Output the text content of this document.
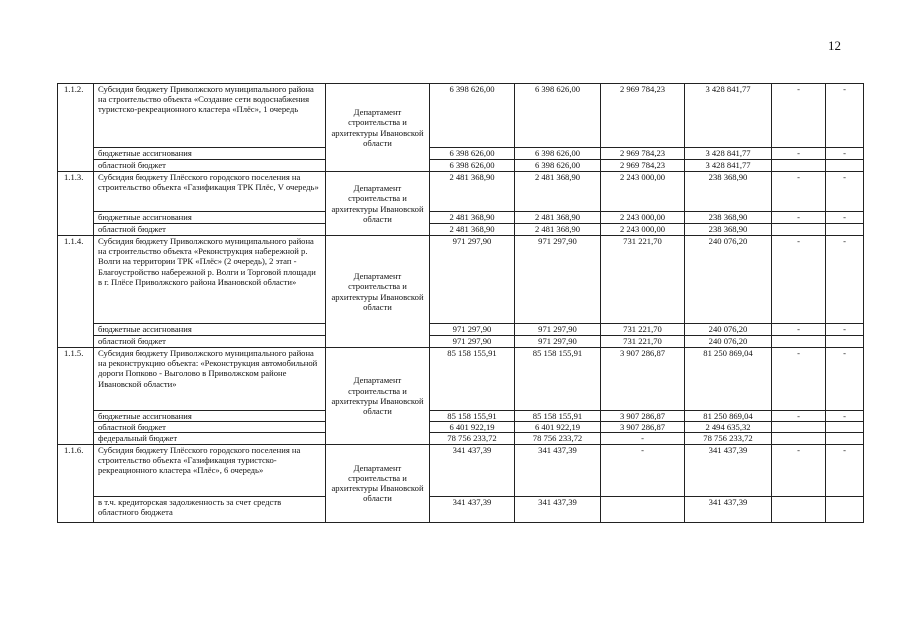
12
1.1.2.	Субсидия бюджету Приволжского муниципального района на строительство объекта «Создание сети водоснабжения туристско-рекреационного кластера «Плёс», 1 очередь	Департамент строительства и архитектуры Ивановской области	6 398 626,00	6 398 626,00	2 969 784,23	3 428 841,77	-	-
	бюджетные ассигнования		6 398 626,00	6 398 626,00	2 969 784,23	3 428 841,77	-	-
	областной бюджет		6 398 626,00	6 398 626,00	2 969 784,23	3 428 841,77		
1.1.3.	Субсидия бюджету Плёсского городского поселения на строительство объекта «Газификация ТРК Плёс, V очередь»	Департамент строительства и архитектуры Ивановской области	2 481 368,90	2 481 368,90	2 243 000,00	238 368,90	-	-
	бюджетные ассигнования		2 481 368,90	2 481 368,90	2 243 000,00	238 368,90	-	-
	областной бюджет		2 481 368,90	2 481 368,90	2 243 000,00	238 368,90		
1.1.4.	Субсидия бюджету Приволжского муниципального района на строительство объекта «Реконструкция набережной р. Волги на территории ТРК «Плёс» (2 очередь), 2 этап - Благоустройство набережной р. Волги и Торговой площади в г. Плёсе Приволжского района Ивановской области»	Департамент строительства и архитектуры Ивановской области	971 297,90	971 297,90	731 221,70	240 076,20	-	-
	бюджетные ассигнования		971 297,90	971 297,90	731 221,70	240 076,20	-	-
	областной бюджет		971 297,90	971 297,90	731 221,70	240 076,20		
1.1.5.	Субсидия бюджету Приволжского муниципального района на реконструкцию объекта: «Реконструкция автомобильной дороги Попково - Выголово в Приволжском районе Ивановской области»	Департамент строительства и архитектуры Ивановской области	85 158 155,91	85 158 155,91	3 907 286,87	81 250 869,04	-	-
	бюджетные ассигнования		85 158 155,91	85 158 155,91	3 907 286,87	81 250 869,04	-	-
	областной бюджет		6 401 922,19	6 401 922,19	3 907 286,87	2 494 635,32		
	федеральный бюджет		78 756 233,72	78 756 233,72	-	78 756 233,72		
1.1.6.	Субсидия бюджету Плёсского городского поселения на строительство объекта «Газификация туристско-рекреационного кластера «Плёс», 6 очередь»	Департамент строительства и архитектуры Ивановской области	341 437,39	341 437,39	-	341 437,39	-	-
	в т.ч. кредиторская задолженность за счет средств областного бюджета		341 437,39	341 437,39		341 437,39		
